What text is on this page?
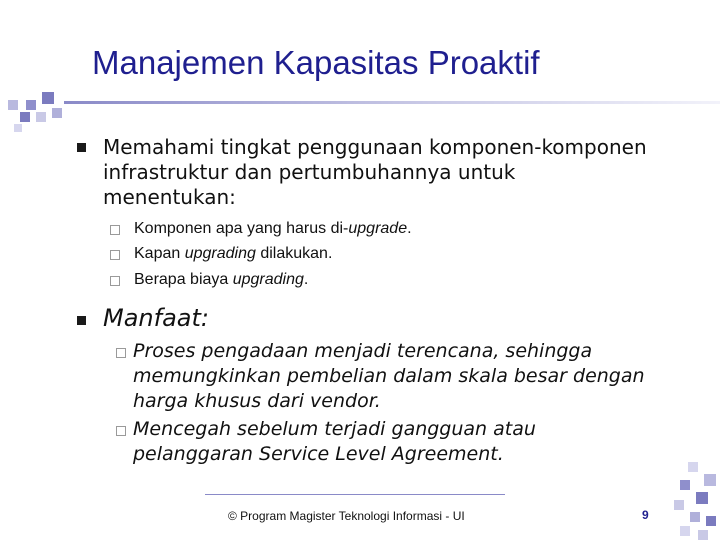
Manajemen Kapasitas Proaktif
Memahami tingkat penggunaan komponen-komponen
infrastruktur dan pertumbuhannya untuk
menentukan:
Komponen apa yang harus di-upgrade.
Kapan upgrading dilakukan.
Berapa biaya upgrading.
Manfaat:
Proses pengadaan menjadi terencana, sehingga
memungkinkan pembelian dalam skala besar dengan
harga khusus dari vendor.
Mencegah sebelum terjadi gangguan atau
pelanggaran Service Level Agreement.
© Program Magister Teknologi Informasi - UI	9
